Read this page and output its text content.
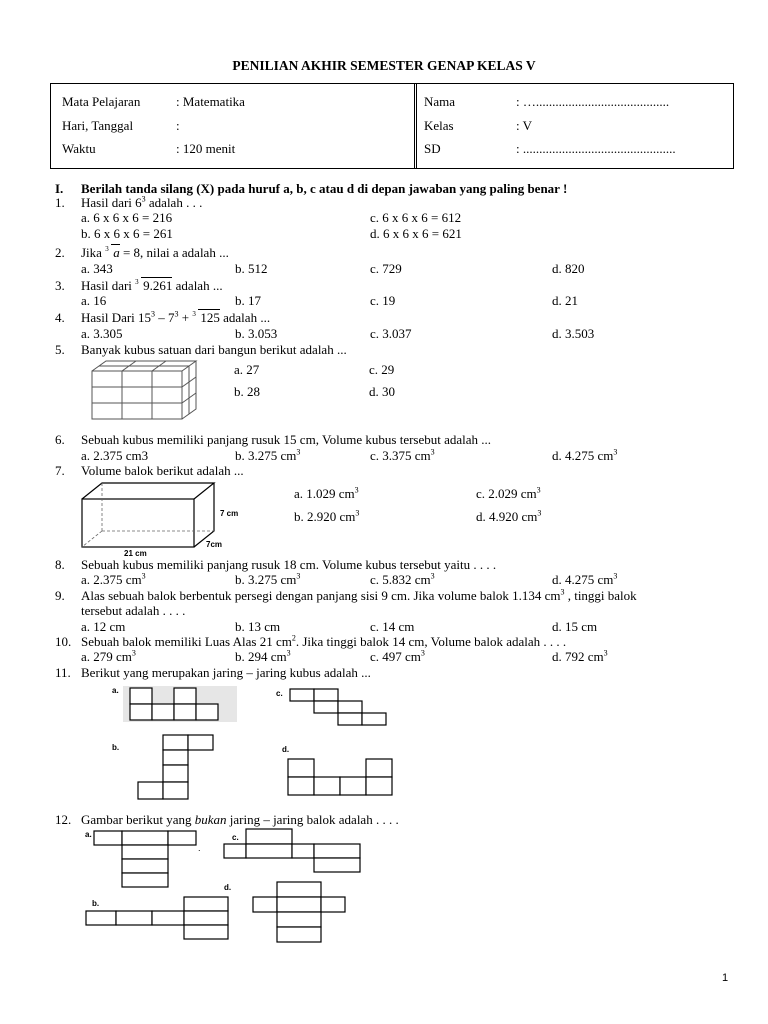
PENILIAN AKHIR SEMESTER GENAP KELAS V
Mata Pelajaran	: Matematika
Hari, Tanggal	:
Waktu	: 120 menit
Nama	: ….........................................
Kelas	: V
SD	: ...............................................
I. Berilah tanda silang (X) pada huruf a, b, c atau d di depan jawaban yang paling benar !
1. Hasil dari $6^3$ adalah . . .
a. 6 x 6 x 6 = 216
b. 6 x 6 x 6 = 261
c. 6 x 6 x 6 = 612
d. 6 x 6 x 6 = 621
2. Jika 3 a = 8, nilai a adalah ...
a. 343	b. 512	c. 729	d. 820
3. Hasil dari 3 9.261 adalah ...
a. 16	b. 17	c. 19	d. 21
4. Hasil Dari $15^3 - 7^3 + 3$ 125 adalah ...
a. 3.305	b. 3.053	c. 3.037	d. 3.503
5. Banyak kubus satuan dari bangun berikut adalah ...
a. 27	c. 29
b. 28	d. 30
6. Sebuah kubus memiliki panjang rusuk 15 cm, Volume kubus tersebut adalah ...
a. 2.375 cm3	b. 3.275 $cm^3$	c. 3.375 $cm^3$	d. 4.275 $cm^3$
7. Volume balok berikut adalah ...
7 cm
7cm
21 cm
a. 1.029 $cm^3$	c. 2.029 $cm^3$
b. 2.920 $cm^3$	d. 4.920 $cm^3$
8. Sebuah kubus memiliki panjang rusuk 18 cm. Volume kubus tersebut yaitu . . . .
a. 2.375 $cm^3$	b. 3.275 $cm^3$	c. 5.832 $cm^3$	d. 4.275 $cm^3$
9. Alas sebuah balok berbentuk persegi dengan panjang sisi 9 cm. Jika volume balok 1.134 $cm^3$ , tinggi balok
tersebut adalah . . . .
a. 12 cm	b. 13 cm	c. 14 cm	d. 15 cm
10. Sebuah balok memiliki Luas Alas 21 $cm^2$. Jika tinggi balok 14 cm, Volume balok adalah . . . .
a. 279 $cm^3$	b. 294 $cm^3$	c. 497 $cm^3$	d. 792 $cm^3$
11. Berikut yang merupakan jaring – jaring kubus adalah ...
a.	c.
b.	d.
12. Gambar berikut yang bukan jaring – jaring balok adalah . . . .
a.
.
c.
d.
b.
1
